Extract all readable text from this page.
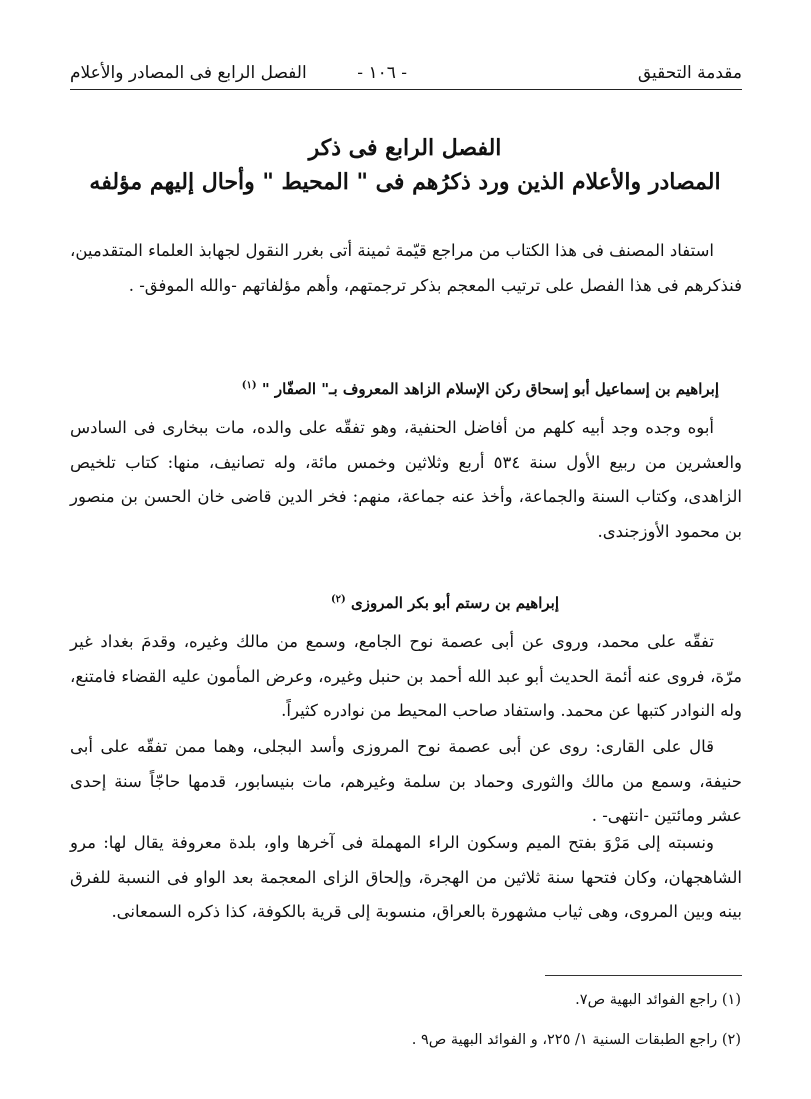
مقدمة التحقيق
- ١٠٦ -
الفصل الرابع فى المصادر والأعلام
الفصل الرابع فى ذكر
المصادر والأعلام الذين ورد ذكرُهم فى " المحيط " وأحال إليهم مؤلفه
استفاد المصنف فى هذا الكتاب من مراجع قيّمة ثمينة أتى بغرر النقول لجهابذ العلماء المتقدمين، فنذكرهم فى هذا الفصل على ترتيب المعجم بذكر ترجمتهم، وأهم مؤلفاتهم -والله الموفق- .
إبراهيم بن إسماعيل أبو إسحاق ركن الإسلام الزاهد المعروف بـ" الصفّار " $^{(١)}$
أبوه وجده وجد أبيه كلهم من أفاضل الحنفية، وهو تفقّه على والده، مات ببخارى فى السادس والعشرين من ربيع الأول سنة ٥٣٤ أربع وثلاثين وخمس مائة، وله تصانيف، منها: كتاب تلخيص الزاهدى، وكتاب السنة والجماعة، وأخذ عنه جماعة، منهم: فخر الدين قاضى خان الحسن بن منصور بن محمود الأوزجندى.
إبراهيم بن رستم أبو بكر المروزى $^{(٢)}$
تفقّه على محمد، وروى عن أبى عصمة نوح الجامع، وسمع من مالك وغيره، وقدمَ بغداد غير مرّة، فروى عنه أئمة الحديث أبو عبد الله أحمد بن حنبل وغيره، وعرض المأمون عليه القضاء فامتنع، وله النوادر كتبها عن محمد. واستفاد صاحب المحيط من نوادره كثيراً.
قال على القارى: روى عن أبى عصمة نوح المروزى وأسد البجلى، وهما ممن تفقّه على أبى حنيفة، وسمع من مالك والثورى وحماد بن سلمة وغيرهم، مات بنيسابور، قدمها حاجّاً سنة إحدى عشر ومائتين -انتهى- .
ونسبته إلى مَرْوَ بفتح الميم وسكون الراء المهملة فى آخرها واو، بلدة معروفة يقال لها: مرو الشاهجهان، وكان فتحها سنة ثلاثين من الهجرة، وإلحاق الزاى المعجمة بعد الواو فى النسبة للفرق بينه وبين المروى، وهى ثياب مشهورة بالعراق، منسوبة إلى قرية بالكوفة، كذا ذكره السمعانى.
(١) راجع الفوائد البهية ص٧.
(٢) راجع الطبقات السنية ١/ ٢٢٥، و الفوائد البهية ص٩ .
